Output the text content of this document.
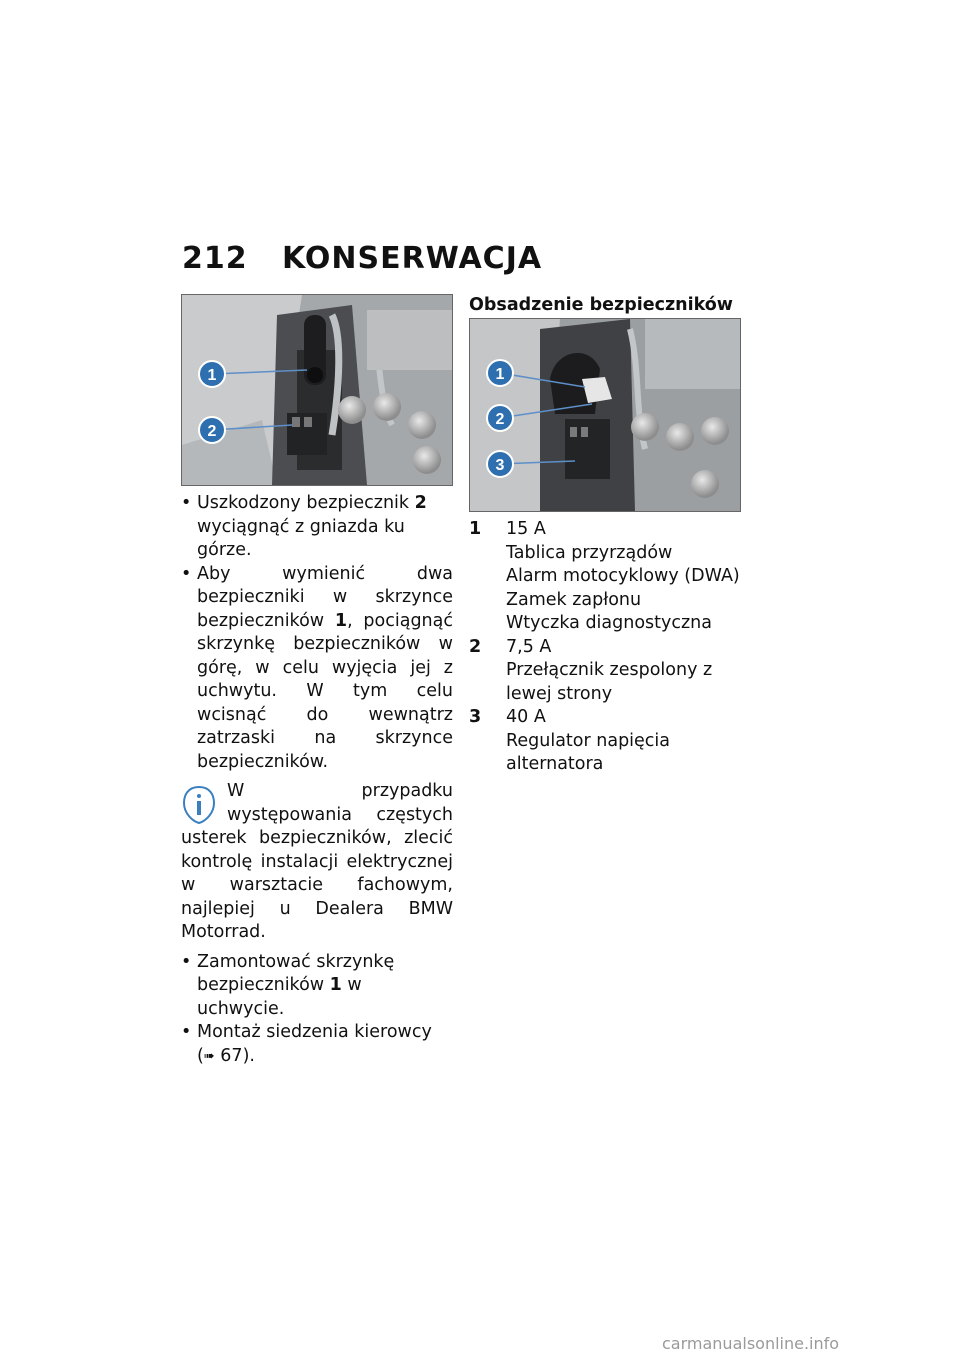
212 KONSERWACJA
1
2
1
2
3

• Uszkodzony bezpiecznik 2 wyciągnąć z gniazda ku górze.

• Aby wymienić dwa bezpieczniki w skrzynce bezpieczników 1, pociągnąć skrzynkę bezpieczników w górę, w celu wyjęcia jej z uchwytu. W tym celu wcisnąć do wewnątrz zatrzaski na skrzynce bezpieczników.

W przypadku występowania częstych usterek bezpieczników, zlecić kontrolę instalacji elektrycznej w warsztacie fachowym, najlepiej u Dealera BMW Motorrad.

• Zamontować skrzynkę bezpieczników 1 w uchwycie.

• Montaż siedzenia kierowcy
(➠ 67).

Obsadzenie bezpieczników
1	15 A
Tablica przyrządów
Alarm motocyklowy (DWA)
Zamek zapłonu
Wtyczka diagnostyczna
2	7,5 A
Przełącznik zespolony z lewej strony
3	40 A
Regulator napięcia alternatora
carmanualsonline.info
